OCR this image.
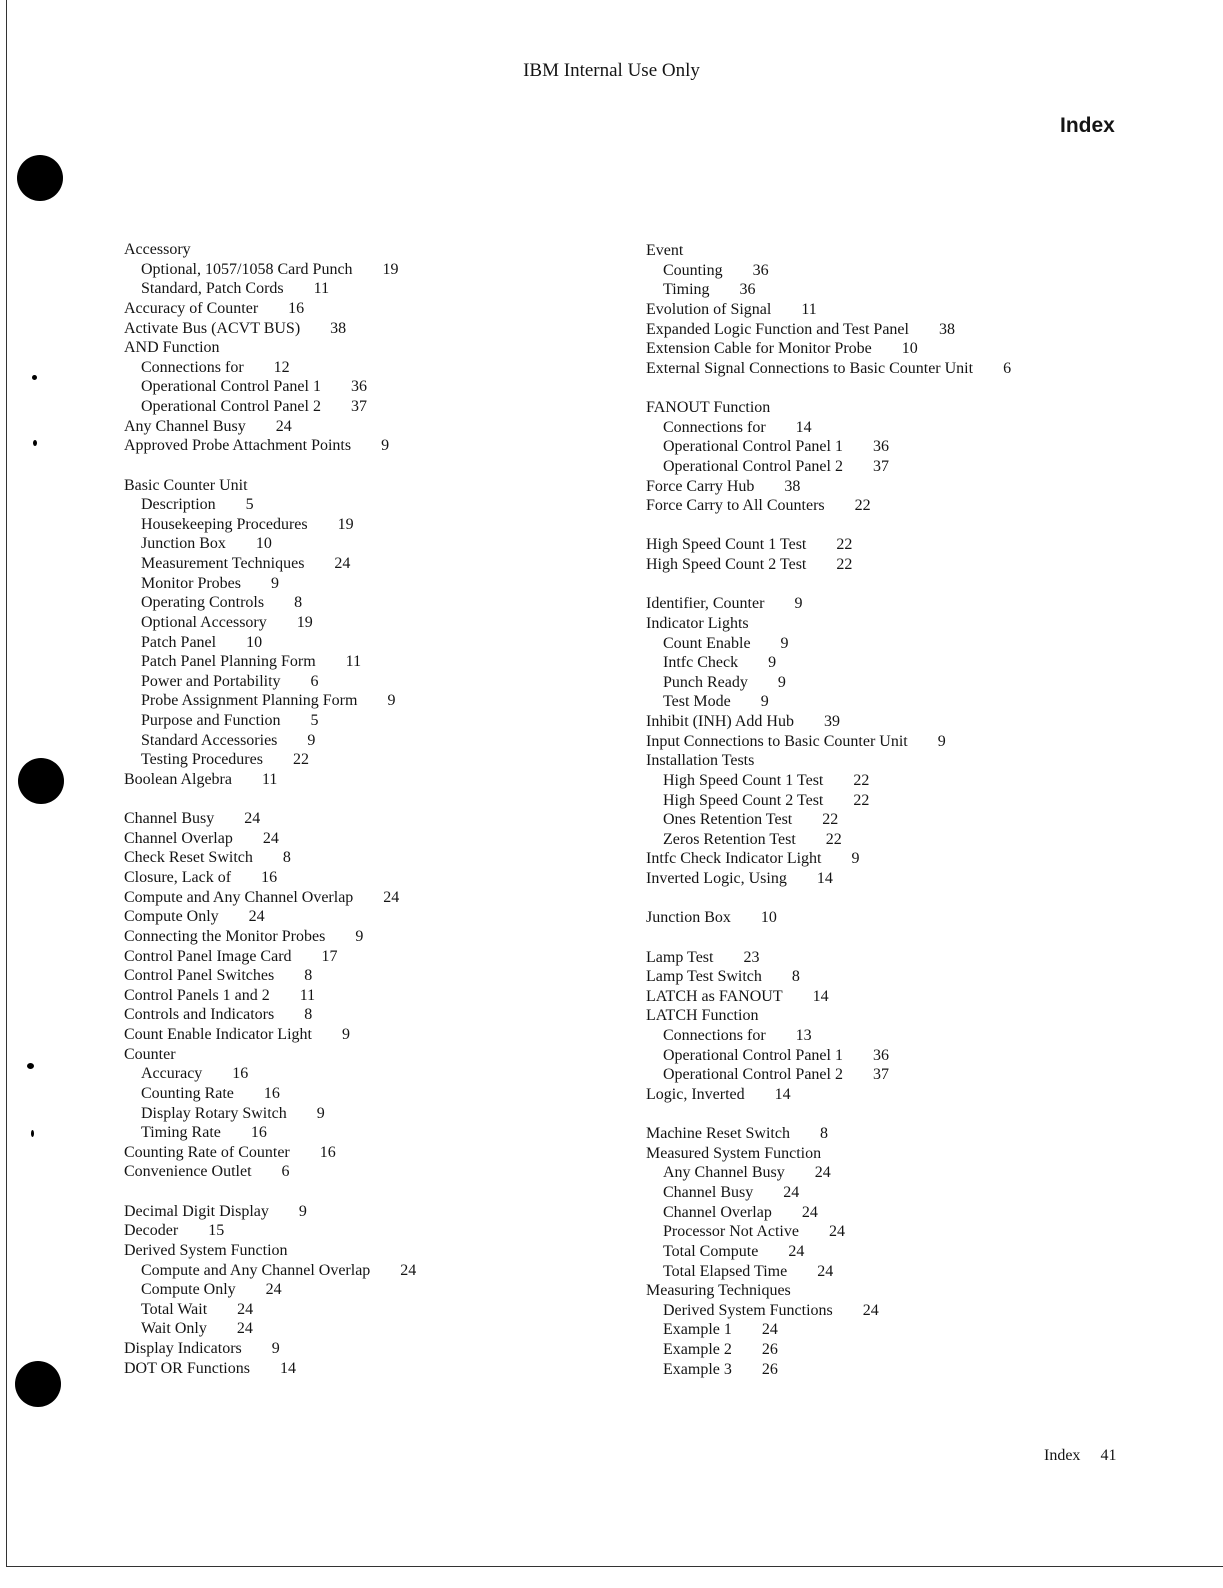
IBM Internal Use Only
Index
Accessory
Optional, 1057/1058 Card Punch 19
Standard, Patch Cords 11
Accuracy of Counter 16
Activate Bus (ACVT BUS) 38
AND Function
Connections for 12
Operational Control Panel 1 36
Operational Control Panel 2 37
Any Channel Busy 24
Approved Probe Attachment Points 9
Basic Counter Unit
Description 5
Housekeeping Procedures 19
Junction Box 10
Measurement Techniques 24
Monitor Probes 9
Operating Controls 8
Optional Accessory 19
Patch Panel 10
Patch Panel Planning Form 11
Power and Portability 6
Probe Assignment Planning Form 9
Purpose and Function 5
Standard Accessories 9
Testing Procedures 22
Boolean Algebra 11
Channel Busy 24
Channel Overlap 24
Check Reset Switch 8
Closure, Lack of 16
Compute and Any Channel Overlap 24
Compute Only 24
Connecting the Monitor Probes 9
Control Panel Image Card 17
Control Panel Switches 8
Control Panels 1 and 2 11
Controls and Indicators 8
Count Enable Indicator Light 9
Counter
Accuracy 16
Counting Rate 16
Display Rotary Switch 9
Timing Rate 16
Counting Rate of Counter 16
Convenience Outlet 6
Decimal Digit Display 9
Decoder 15
Derived System Function
Compute and Any Channel Overlap 24
Compute Only 24
Total Wait 24
Wait Only 24
Display Indicators 9
DOT OR Functions 14
Event
Counting 36
Timing 36
Evolution of Signal 11
Expanded Logic Function and Test Panel 38
Extension Cable for Monitor Probe 10
External Signal Connections to Basic Counter Unit 6
FANOUT Function
Connections for 14
Operational Control Panel 1 36
Operational Control Panel 2 37
Force Carry Hub 38
Force Carry to All Counters 22
High Speed Count 1 Test 22
High Speed Count 2 Test 22
Identifier, Counter 9
Indicator Lights
Count Enable 9
Intfc Check 9
Punch Ready 9
Test Mode 9
Inhibit (INH) Add Hub 39
Input Connections to Basic Counter Unit 9
Installation Tests
High Speed Count 1 Test 22
High Speed Count 2 Test 22
Ones Retention Test 22
Zeros Retention Test 22
Intfc Check Indicator Light 9
Inverted Logic, Using 14
Junction Box 10
Lamp Test 23
Lamp Test Switch 8
LATCH as FANOUT 14
LATCH Function
Connections for 13
Operational Control Panel 1 36
Operational Control Panel 2 37
Logic, Inverted 14
Machine Reset Switch 8
Measured System Function
Any Channel Busy 24
Channel Busy 24
Channel Overlap 24
Processor Not Active 24
Total Compute 24
Total Elapsed Time 24
Measuring Techniques
Derived System Functions 24
Example 1 24
Example 2 26
Example 3 26
Index 41
